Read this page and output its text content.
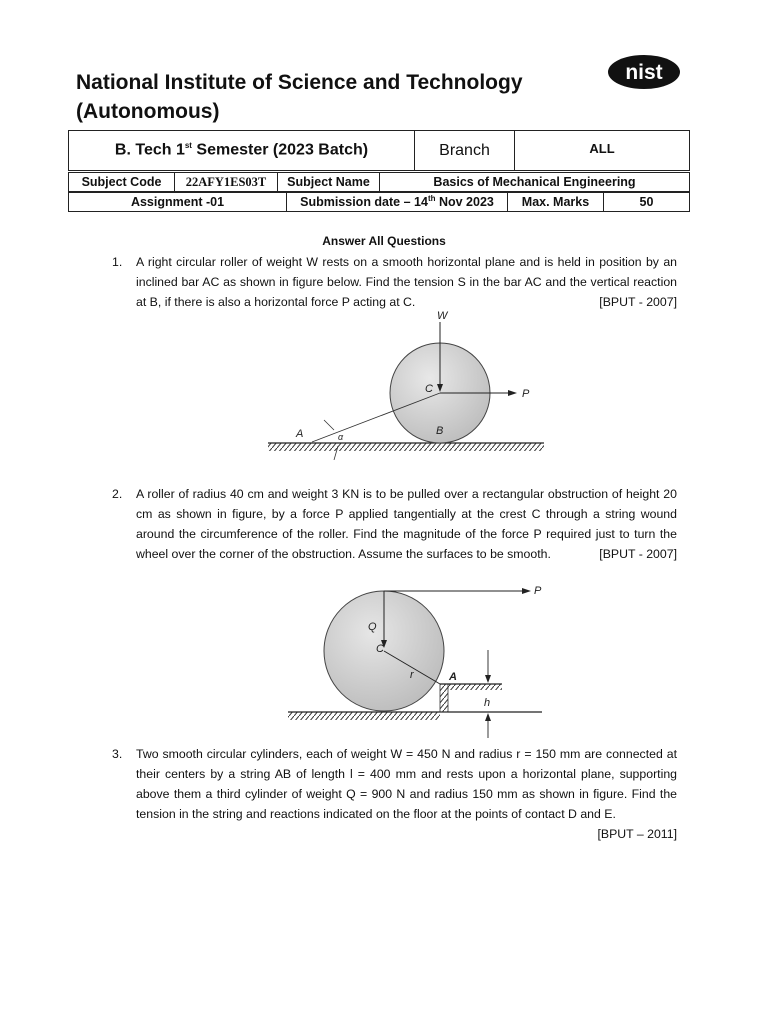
National Institute of Science and Technology
(Autonomous)
nist
B. Tech 1st Semester (2023 Batch)	Branch	ALL
Subject Code	22AFY1ES03T	Subject Name	Basics of Mechanical Engineering
Assignment -01	Submission date – 14th Nov 2023	Max. Marks	50
Answer All Questions
1. A right circular roller of weight W rests on a smooth horizontal plane and is held in position by an inclined bar AC as shown in figure below. Find the tension S in the bar AC and the vertical reaction at B, if there is also a horizontal force P acting at C.	[BPUT - 2007]
W
C	P
A	α	B
2. A roller of radius 40 cm and weight 3 KN is to be pulled over a rectangular obstruction of height 20 cm as shown in figure, by a force P applied tangentially at the crest C through a string wound around the circumference of the roller. Find the magnitude of the force P required just to turn the wheel over the corner of the obstruction. Assume the surfaces to be smooth.	[BPUT - 2007]
P
Q
C
r	A
h
3. Two smooth circular cylinders, each of weight W = 450 N and radius r = 150 mm are connected at their centers by a string AB of length l = 400 mm and rests upon a horizontal plane, supporting above them a third cylinder of weight Q = 900 N and radius 150 mm as shown in figure. Find the tension in the string and reactions indicated on the floor at the points of contact D and E.
[BPUT – 2011]
